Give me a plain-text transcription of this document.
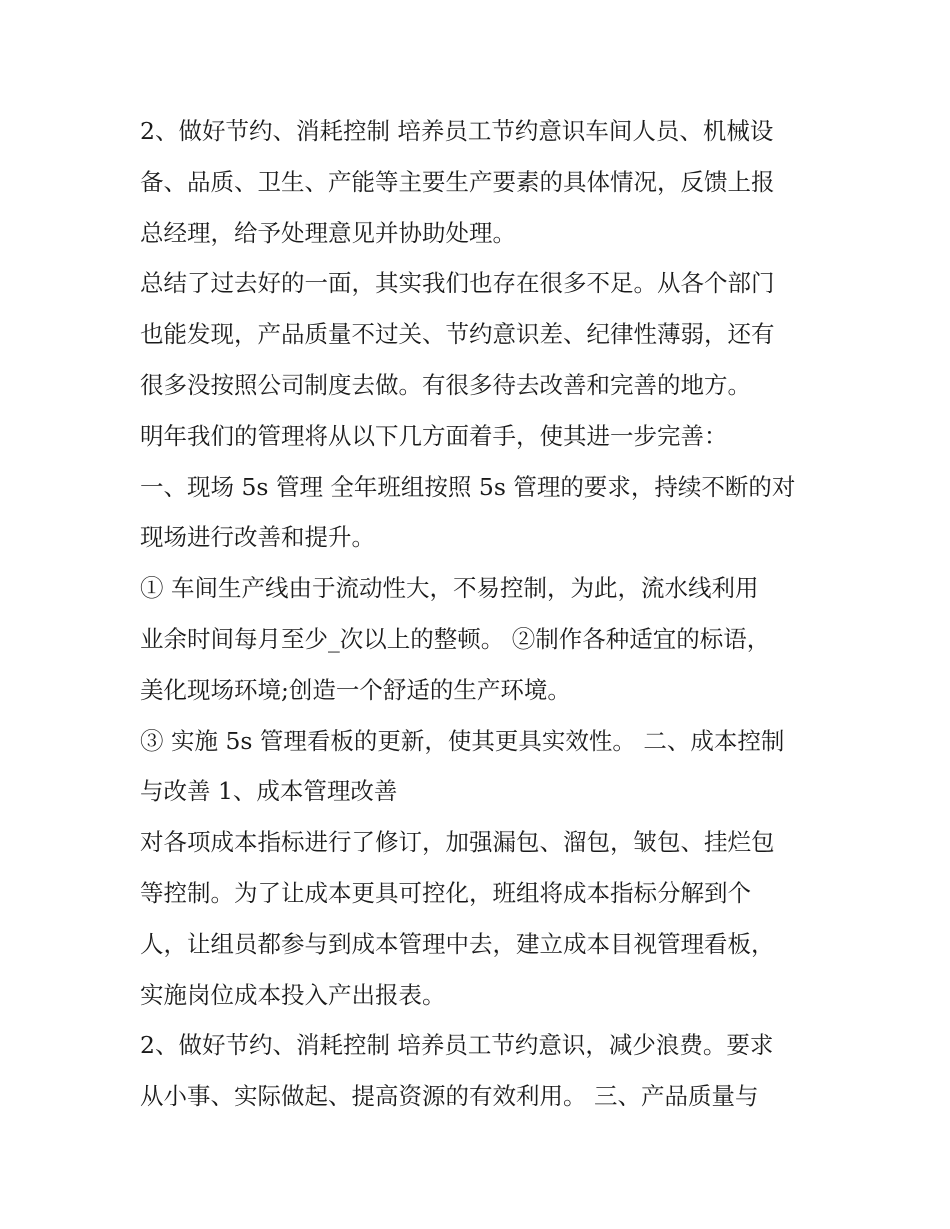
2、做好节约、消耗控制 培养员工节约意识车间人员、机械设
备、品质、卫生、产能等主要生产要素的具体情况，反馈上报
总经理，给予处理意见并协助处理。
总结了过去好的一面，其实我们也存在很多不足。从各个部门
也能发现，产品质量不过关、节约意识差、纪律性薄弱，还有
很多没按照公司制度去做。有很多待去改善和完善的地方。
明年我们的管理将从以下几方面着手，使其进一步完善：
一、现场 5s 管理 全年班组按照 5s 管理的要求，持续不断的对
现场进行改善和提升。
① 车间生产线由于流动性大，不易控制，为此，流水线利用
业余时间每月至少_次以上的整顿。 ②制作各种适宜的标语，
美化现场环境;创造一个舒适的生产环境。
③ 实施 5s 管理看板的更新，使其更具实效性。 二、成本控制
与改善 1、成本管理改善
对各项成本指标进行了修订，加强漏包、溜包，皱包、挂烂包
等控制。为了让成本更具可控化，班组将成本指标分解到个
人，让组员都参与到成本管理中去，建立成本目视管理看板，
实施岗位成本投入产出报表。
2、做好节约、消耗控制 培养员工节约意识，减少浪费。要求
从小事、实际做起、提高资源的有效利用。 三、产品质量与
